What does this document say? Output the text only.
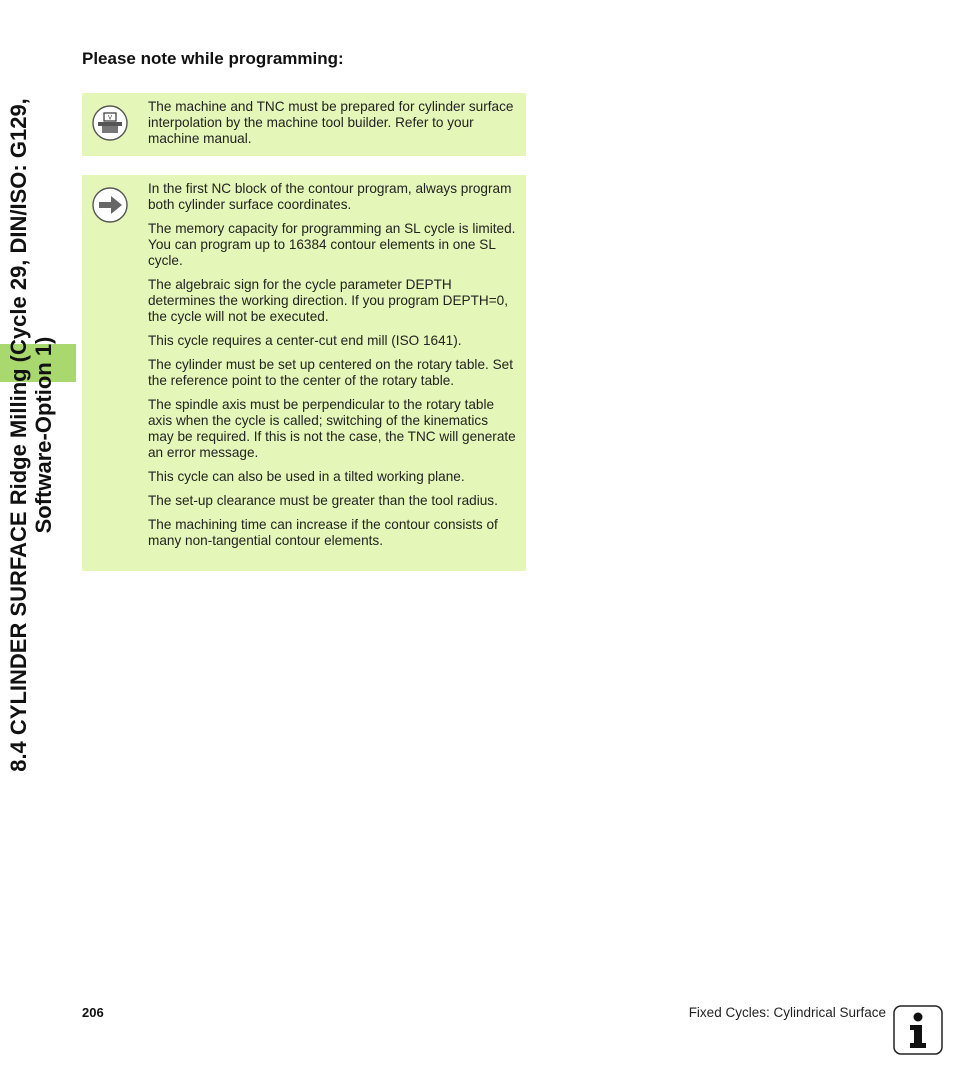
8.4 CYLINDER SURFACE Ridge Milling (Cycle 29, DIN/ISO: G129, Software-Option 1)
Please note while programming:
V

The machine and TNC must be prepared for cylinder surface interpolation by the machine tool builder. Refer to your machine manual.

In the first NC block of the contour program, always program both cylinder surface coordinates.

The memory capacity for programming an SL cycle is limited. You can program up to 16384 contour elements in one SL cycle.

The algebraic sign for the cycle parameter DEPTH determines the working direction. If you program DEPTH=0, the cycle will not be executed.

This cycle requires a center-cut end mill (ISO 1641).

The cylinder must be set up centered on the rotary table. Set the reference point to the center of the rotary table.

The spindle axis must be perpendicular to the rotary table axis when the cycle is called; switching of the kinematics may be required. If this is not the case, the TNC will generate an error message.

This cycle can also be used in a tilted working plane.

The set-up clearance must be greater than the tool radius.

The machining time can increase if the contour consists of many non-tangential contour elements.

206	Fixed Cycles: Cylindrical Surface
